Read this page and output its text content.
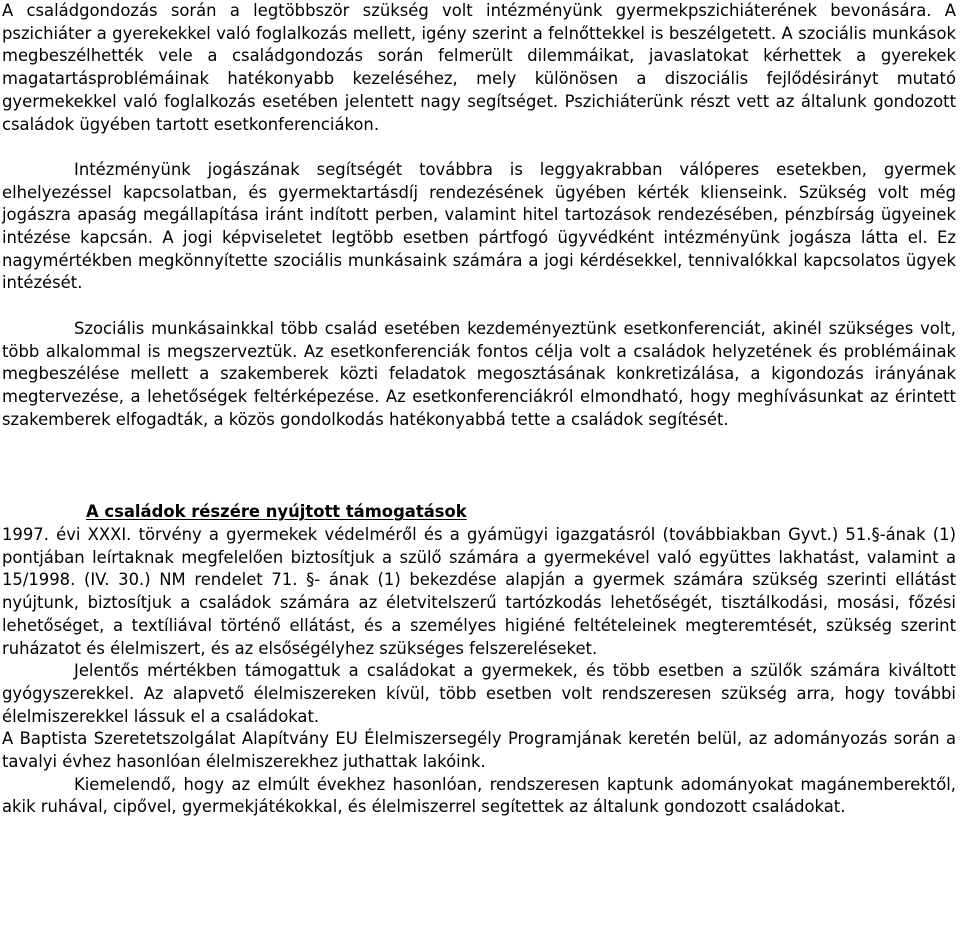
A családgondozás során a legtöbbször szükség volt intézményünk gyermekpszichiáterének bevonására. A pszichiáter a gyerekekkel való foglalkozás mellett, igény szerint a felnőttekkel is beszélgetett. A szociális munkások megbeszélhették vele a családgondozás során felmerült dilemmáikat, javaslatokat kérhettek a gyerekek magatartásproblémáinak hatékonyabb kezeléséhez, mely különösen a diszociális fejlődésirányt mutató gyermekekkel való foglalkozás esetében jelentett nagy segítséget. Pszichiáterünk részt vett az általunk gondozott családok ügyében tartott esetkonferenciákon.

Intézményünk jogászának segítségét továbbra is leggyakrabban válóperes esetekben, gyermek elhelyezéssel kapcsolatban, és gyermektartásdíj rendezésének ügyében kérték klienseink. Szükség volt még jogászra apaság megállapítása iránt indított perben, valamint hitel tartozások rendezésében, pénzbírság ügyeinek intézése kapcsán. A jogi képviseletet legtöbb esetben pártfogó ügyvédként intézményünk jogásza látta el. Ez nagymértékben megkönnyítette szociális munkásaink számára a jogi kérdésekkel, tennivalókkal kapcsolatos ügyek intézését.

Szociális munkásainkkal több család esetében kezdeményeztünk esetkonferenciát, akinél szükséges volt, több alkalommal is megszerveztük. Az esetkonferenciák fontos célja volt a családok helyzetének és problémáinak megbeszélése mellett a szakemberek közti feladatok megosztásának konkretizálása, a kigondozás irányának megtervezése, a lehetőségek feltérképezése. Az esetkonferenciákról elmondható, hogy meghívásunkat az érintett szakemberek elfogadták, a közös gondolkodás hatékonyabbá tette a családok segítését.

A családok részére nyújtott támogatások

1997. évi XXXI. törvény a gyermekek védelméről és a gyámügyi igazgatásról (továbbiakban Gyvt.) 51.§-ának (1) pontjában leírtaknak megfelelően biztosítjuk a szülő számára a gyermekével való együttes lakhatást, valamint a 15/1998. (IV. 30.) NM rendelet 71. §- ának (1) bekezdése alapján a gyermek számára szükség szerinti ellátást nyújtunk, biztosítjuk a családok számára az életvitelszerű tartózkodás lehetőségét, tisztálkodási, mosási, főzési lehetőséget, a textíliával történő ellátást, és a személyes higiéné feltételeinek megteremtését, szükség szerint ruházatot és élelmiszert, és az elsőségélyhez szükséges felszereléseket.

Jelentős mértékben támogattuk a családokat a gyermekek, és több esetben a szülők számára kiváltott gyógyszerekkel. Az alapvető élelmiszereken kívül, több esetben volt rendszeresen szükség arra, hogy további élelmiszerekkel lássuk el a családokat.

A Baptista Szeretetszolgálat Alapítvány EU Élelmiszersegély Programjának keretén belül, az adományozás során a tavalyi évhez hasonlóan élelmiszerekhez juthattak lakóink.

Kiemelendő, hogy az elmúlt évekhez hasonlóan, rendszeresen kaptunk adományokat magánemberektől, akik ruhával, cipővel, gyermekjátékokkal, és élelmiszerrel segítettek az általunk gondozott családokat.
